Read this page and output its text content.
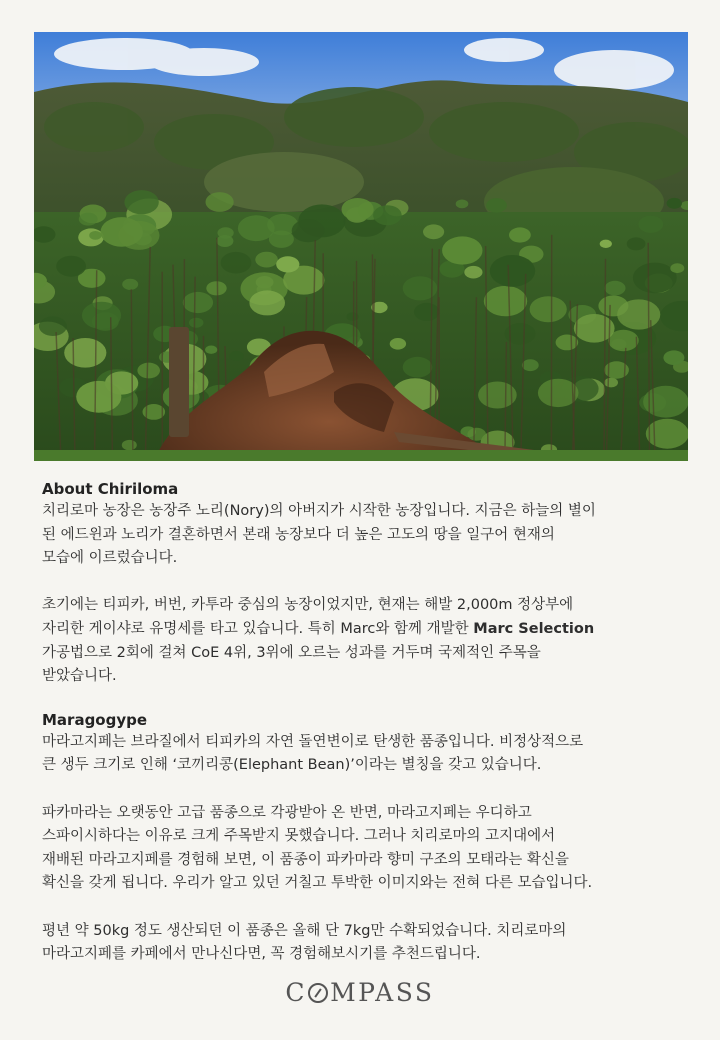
About Chiriloma

치리로마 농장은 농장주 노리(Nory)의 아버지가 시작한 농장입니다. 지금은 하늘의 별이
된 에드윈과 노리가 결혼하면서 본래 농장보다 더 높은 고도의 땅을 일구어 현재의
모습에 이르렀습니다.

초기에는 티피카, 버번, 카투라 중심의 농장이었지만, 현재는 해발 2,000m 정상부에
자리한 게이샤로 유명세를 타고 있습니다. 특히 Marc와 함께 개발한 Marc Selection
가공법으로 2회에 걸쳐 CoE 4위, 3위에 오르는 성과를 거두며 국제적인 주목을
받았습니다.

Maragogype

마라고지페는 브라질에서 티피카의 자연 돌연변이로 탄생한 품종입니다. 비정상적으로
큰 생두 크기로 인해 ‘코끼리콩(Elephant Bean)’이라는 별칭을 갖고 있습니다.

파카마라는 오랫동안 고급 품종으로 각광받아 온 반면, 마라고지페는 우디하고
스파이시하다는 이유로 크게 주목받지 못했습니다. 그러나 치리로마의 고지대에서
재배된 마라고지페를 경험해 보면, 이 품종이 파카마라 향미 구조의 모태라는 확신을
확신을 갖게 됩니다. 우리가 알고 있던 거칠고 투박한 이미지와는 전혀 다른 모습입니다.

평년 약 50kg 정도 생산되던 이 품종은 올해 단 7kg만 수확되었습니다. 치리로마의
마라고지페를 카페에서 만나신다면, 꼭 경험해보시기를 추천드립니다.

C MPASS
